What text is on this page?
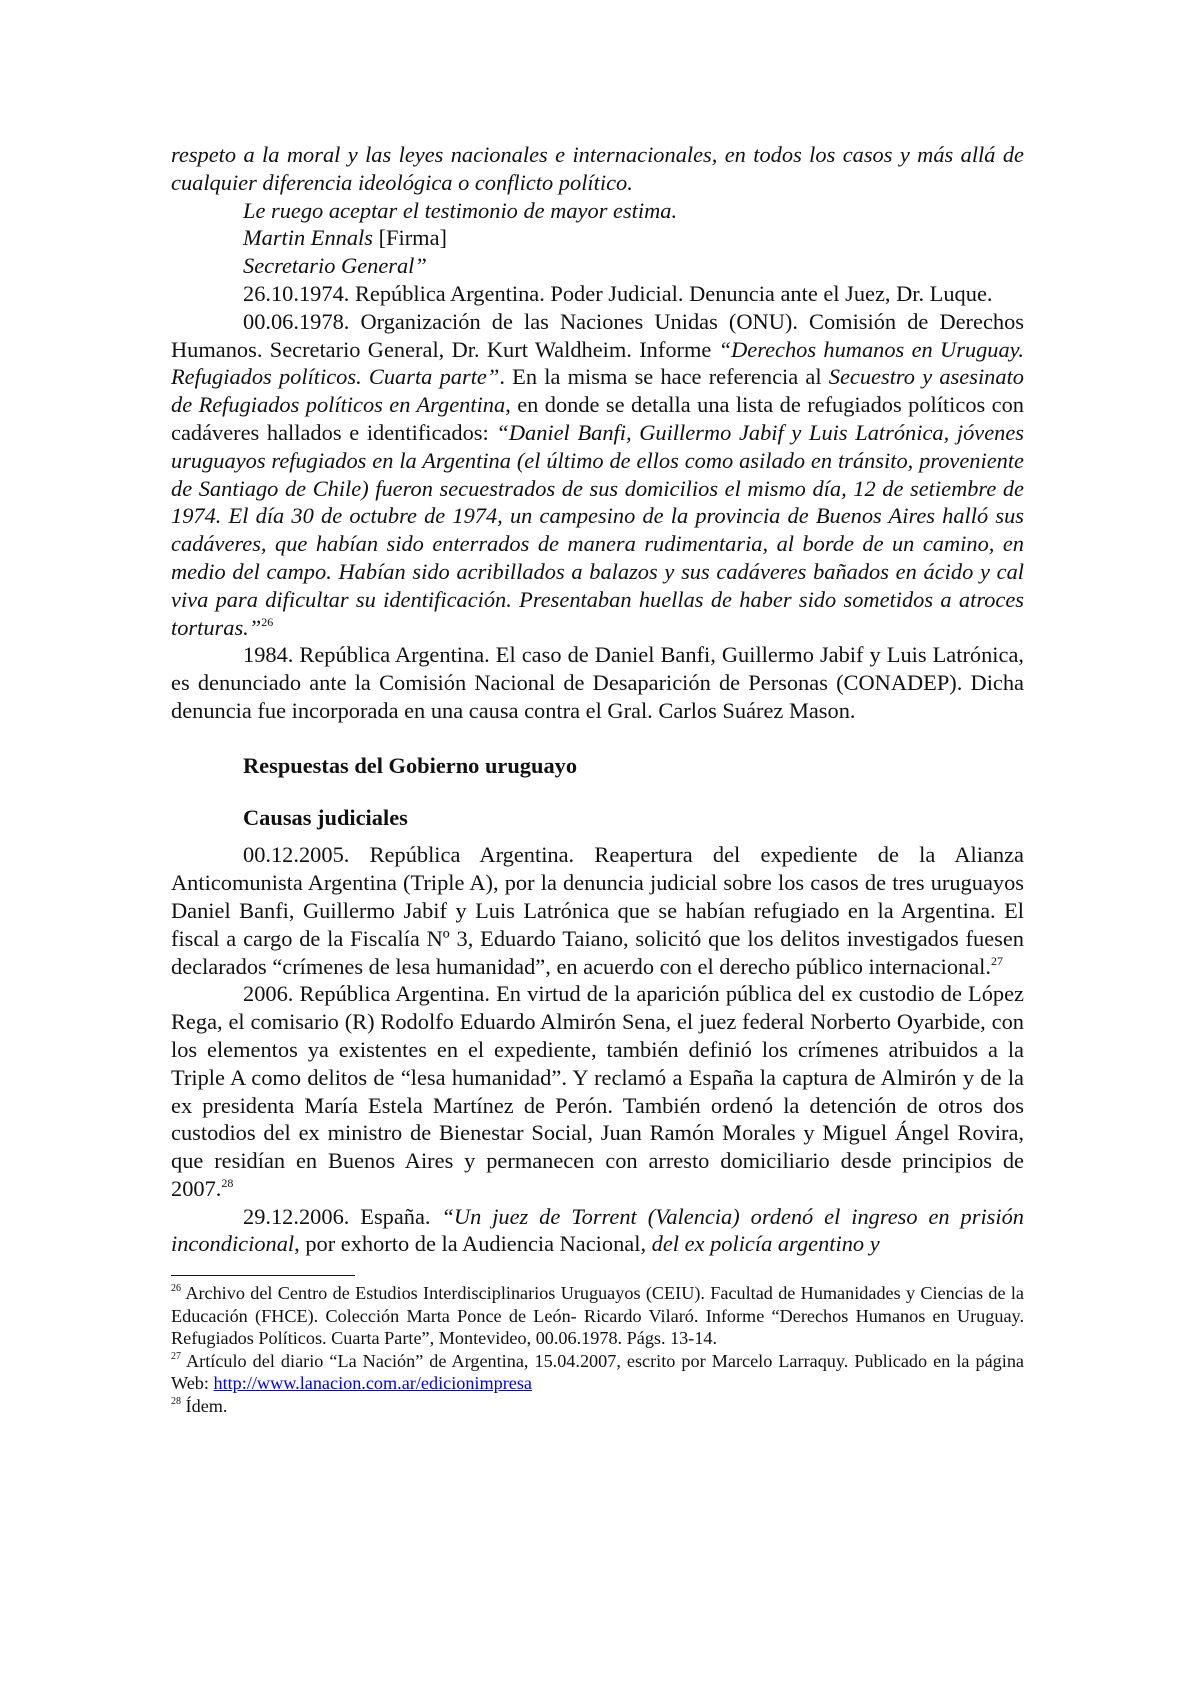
respeto a la moral y las leyes nacionales e internacionales, en todos los casos y más allá de cualquier diferencia ideológica o conflicto político.

Le ruego aceptar el testimonio de mayor estima.

Martin Ennals [Firma]

Secretario General”

26.10.1974. República Argentina. Poder Judicial. Denuncia ante el Juez, Dr. Luque.

00.06.1978. Organización de las Naciones Unidas (ONU). Comisión de Derechos Humanos. Secretario General, Dr. Kurt Waldheim. Informe “Derechos humanos en Uruguay. Refugiados políticos. Cuarta parte”. En la misma se hace referencia al Secuestro y asesinato de Refugiados políticos en Argentina, en donde se detalla una lista de refugiados políticos con cadáveres hallados e identificados: “Daniel Banfi, Guillermo Jabif y Luis Latrónica, jóvenes uruguayos refugiados en la Argentina (el último de ellos como asilado en tránsito, proveniente de Santiago de Chile) fueron secuestrados de sus domicilios el mismo día, 12 de setiembre de 1974. El día 30 de octubre de 1974, un campesino de la provincia de Buenos Aires halló sus cadáveres, que habían sido enterrados de manera rudimentaria, al borde de un camino, en medio del campo. Habían sido acribillados a balazos y sus cadáveres bañados en ácido y cal viva para dificultar su identificación. Presentaban huellas de haber sido sometidos a atroces torturas.”$^{26}$

1984. República Argentina. El caso de Daniel Banfi, Guillermo Jabif y Luis Latrónica, es denunciado ante la Comisión Nacional de Desaparición de Personas (CONADEP). Dicha denuncia fue incorporada en una causa contra el Gral. Carlos Suárez Mason.

Respuestas del Gobierno uruguayo

Causas judiciales

00.12.2005. República Argentina. Reapertura del expediente de la Alianza Anticomunista Argentina (Triple A), por la denuncia judicial sobre los casos de tres uruguayos Daniel Banfi, Guillermo Jabif y Luis Latrónica que se habían refugiado en la Argentina. El fiscal a cargo de la Fiscalía Nº 3, Eduardo Taiano, solicitó que los delitos investigados fuesen declarados “crímenes de lesa humanidad”, en acuerdo con el derecho público internacional.$^{27}$

2006. República Argentina. En virtud de la aparición pública del ex custodio de López Rega, el comisario (R) Rodolfo Eduardo Almirón Sena, el juez federal Norberto Oyarbide, con los elementos ya existentes en el expediente, también definió los crímenes atribuidos a la Triple A como delitos de “lesa humanidad”. Y reclamó a España la captura de Almirón y de la ex presidenta María Estela Martínez de Perón. También ordenó la detención de otros dos custodios del ex ministro de Bienestar Social, Juan Ramón Morales y Miguel Ángel Rovira, que residían en Buenos Aires y permanecen con arresto domiciliario desde principios de 2007.28

29.12.2006. España. “Un juez de Torrent (Valencia) ordenó el ingreso en prisión incondicional, por exhorto de la Audiencia Nacional, del ex policía argentino y

$^{26}$ Archivo del Centro de Estudios Interdisciplinarios Uruguayos (CEIU). Facultad de Humanidades y Ciencias de la Educación (FHCE). Colección Marta Ponce de León- Ricardo Vilaró. Informe “Derechos Humanos en Uruguay. Refugiados Políticos. Cuarta Parte”, Montevideo, 00.06.1978. Págs. 13-14.

$^{27}$ Artículo del diario “La Nación” de Argentina, 15.04.2007, escrito por Marcelo Larraquy. Publicado en la página Web: http://www.lanacion.com.ar/edicionimpresa

$^{28}$ Ídem.
